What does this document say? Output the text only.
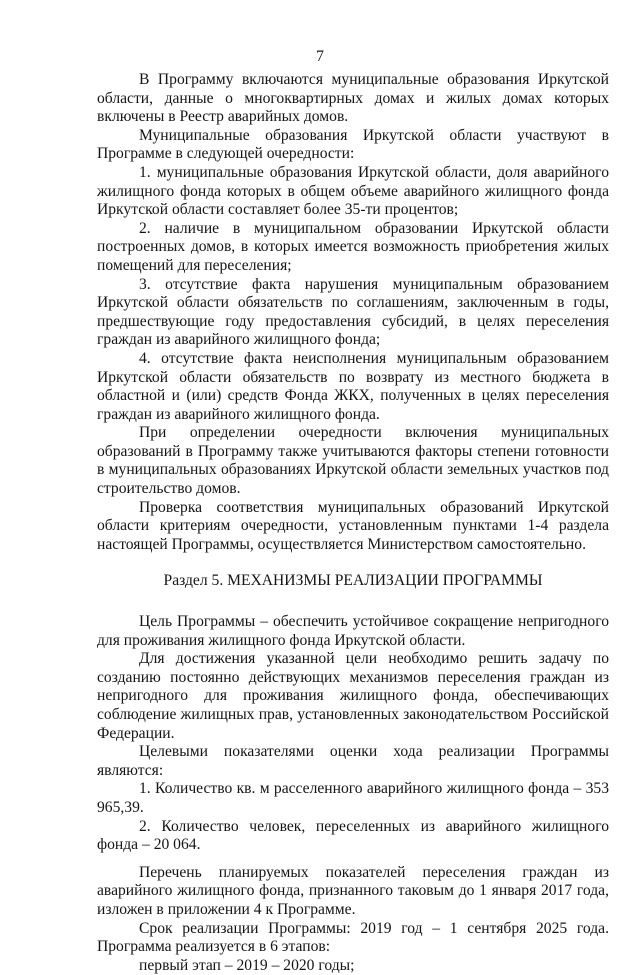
7

В Программу включаются муниципальные образования Иркутской области, данные о многоквартирных домах и жилых домах которых включены в Реестр аварийных домов.

Муниципальные образования Иркутской области участвуют в Программе в следующей очередности:

1. муниципальные образования Иркутской области, доля аварийного жилищного фонда которых в общем объеме аварийного жилищного фонда Иркутской области составляет более 35-ти процентов;

2. наличие в муниципальном образовании Иркутской области построенных домов, в которых имеется возможность приобретения жилых помещений для переселения;

3. отсутствие факта нарушения муниципальным образованием Иркутской области обязательств по соглашениям, заключенным в годы, предшествующие году предоставления субсидий, в целях переселения граждан из аварийного жилищного фонда;

4. отсутствие факта неисполнения муниципальным образованием Иркутской области обязательств по возврату из местного бюджета в областной и (или) средств Фонда ЖКХ, полученных в целях переселения граждан из аварийного жилищного фонда.

При определении очередности включения муниципальных образований в Программу также учитываются факторы степени готовности в муниципальных образованиях Иркутской области земельных участков под строительство домов.

Проверка соответствия муниципальных образований Иркутской области критериям очередности, установленным пунктами 1-4 раздела настоящей Программы, осуществляется Министерством самостоятельно.

Раздел 5. МЕХАНИЗМЫ РЕАЛИЗАЦИИ ПРОГРАММЫ

Цель Программы – обеспечить устойчивое сокращение непригодного для проживания жилищного фонда Иркутской области.

Для достижения указанной цели необходимо решить задачу по созданию постоянно действующих механизмов переселения граждан из непригодного для проживания жилищного фонда, обеспечивающих соблюдение жилищных прав, установленных законодательством Российской Федерации.

Целевыми показателями оценки хода реализации Программы являются:

1. Количество кв. м расселенного аварийного жилищного фонда – 353 965,39.

2. Количество человек, переселенных из аварийного жилищного фонда – 20 064.

Перечень планируемых показателей переселения граждан из аварийного жилищного фонда, признанного таковым до 1 января 2017 года, изложен в приложении 4 к Программе.

Срок реализации Программы: 2019 год – 1 сентября 2025 года. Программа реализуется в 6 этапов:

первый этап – 2019 – 2020 годы;
